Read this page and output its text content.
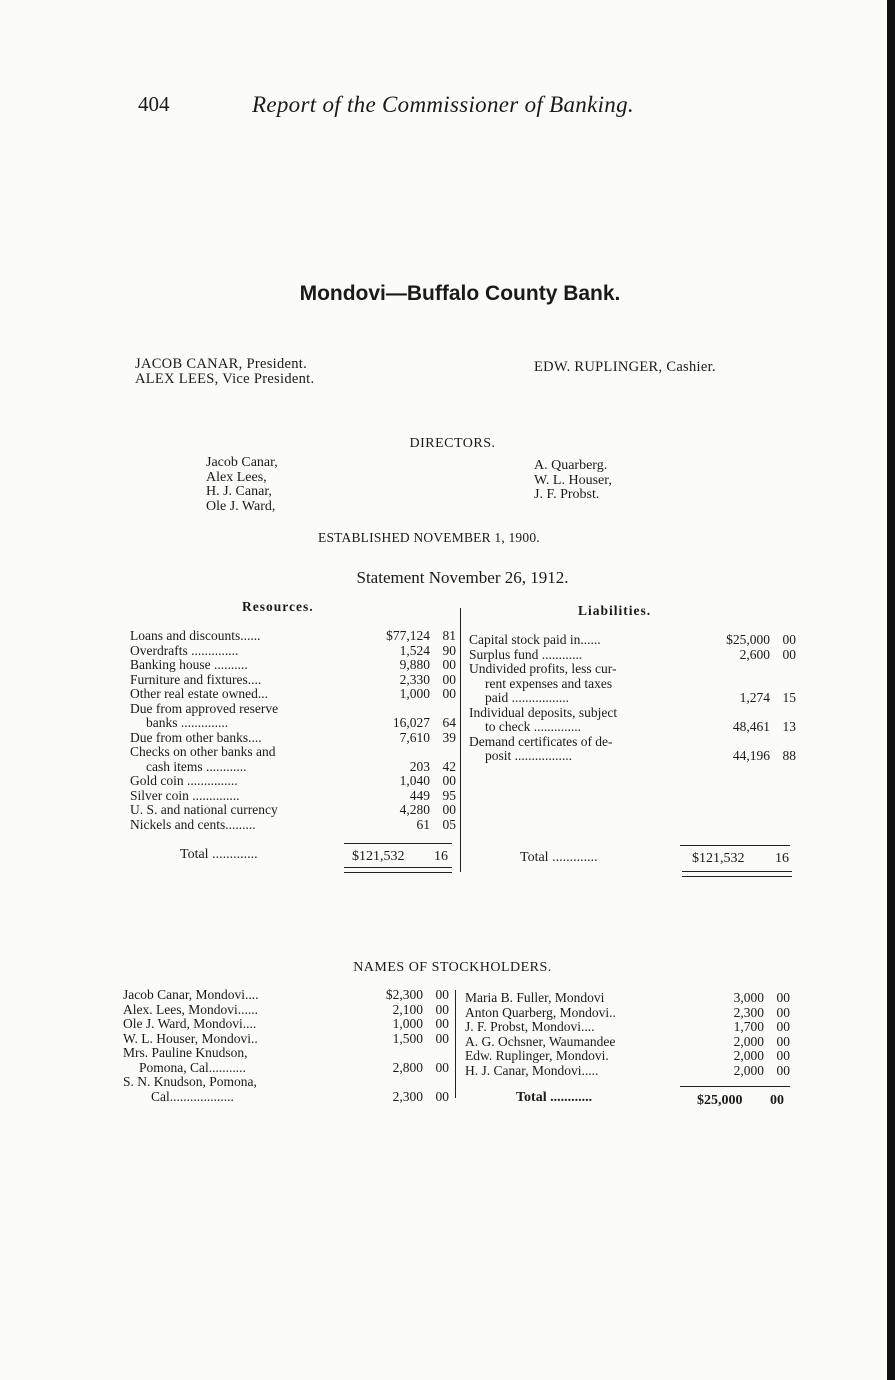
404	Report of the Commissioner of Banking.
Mondovi—Buffalo County Bank.
JACOB CANAR, President.
ALEX LEES, Vice President.
EDW. RUPLINGER, Cashier.
DIRECTORS.
Jacob Canar,
Alex Lees,
H. J. Canar,
Ole J. Ward,
A. Quarberg.
W. L. Houser,
J. F. Probst.
ESTABLISHED NOVEMBER 1, 1900.
Statement November 26, 1912.
Resources.	Liabilities.
Loans and discounts......	$77,124	81
Overdrafts ..............	1,524	90
Banking house ..........	9,880	00
Furniture and fixtures....	2,330	00
Other real estate owned...	1,000	00
Due from approved reserve		
banks ..............	16,027	64
Due from other banks....	7,610	39
Checks on other banks and		
cash items ............	203	42
Gold coin ...............	1,040	00
Silver coin ..............	449	95
U. S. and national currency	4,280	00
Nickels and cents.........	61	05
Capital stock paid in......	$25,000	00
Surplus fund ............	2,600	00
Undivided profits, less cur-		
rent expenses and taxes		
paid .................	1,274	15
Individual deposits, subject		
to check ..............	48,461	13
Demand certificates of de-		
posit .................	44,196	88
Total .............	$121,532 16	Total .............	$121,532 16
NAMES OF STOCKHOLDERS.
Jacob Canar, Mondovi....	$2,300	00
Alex. Lees, Mondovi......	2,100	00
Ole J. Ward, Mondovi....	1,000	00
W. L. Houser, Mondovi..	1,500	00
Mrs. Pauline Knudson,		
Pomona, Cal...........	2,800	00
S. N. Knudson, Pomona,		
Cal...................	2,300	00
Maria B. Fuller, Mondovi	3,000	00
Anton Quarberg, Mondovi..	2,300	00
J. F. Probst, Mondovi....	1,700	00
A. G. Ochsner, Waumandee	2,000	00
Edw. Ruplinger, Mondovi.	2,000	00
H. J. Canar, Mondovi.....	2,000	00
Total ............	$25,000 00
